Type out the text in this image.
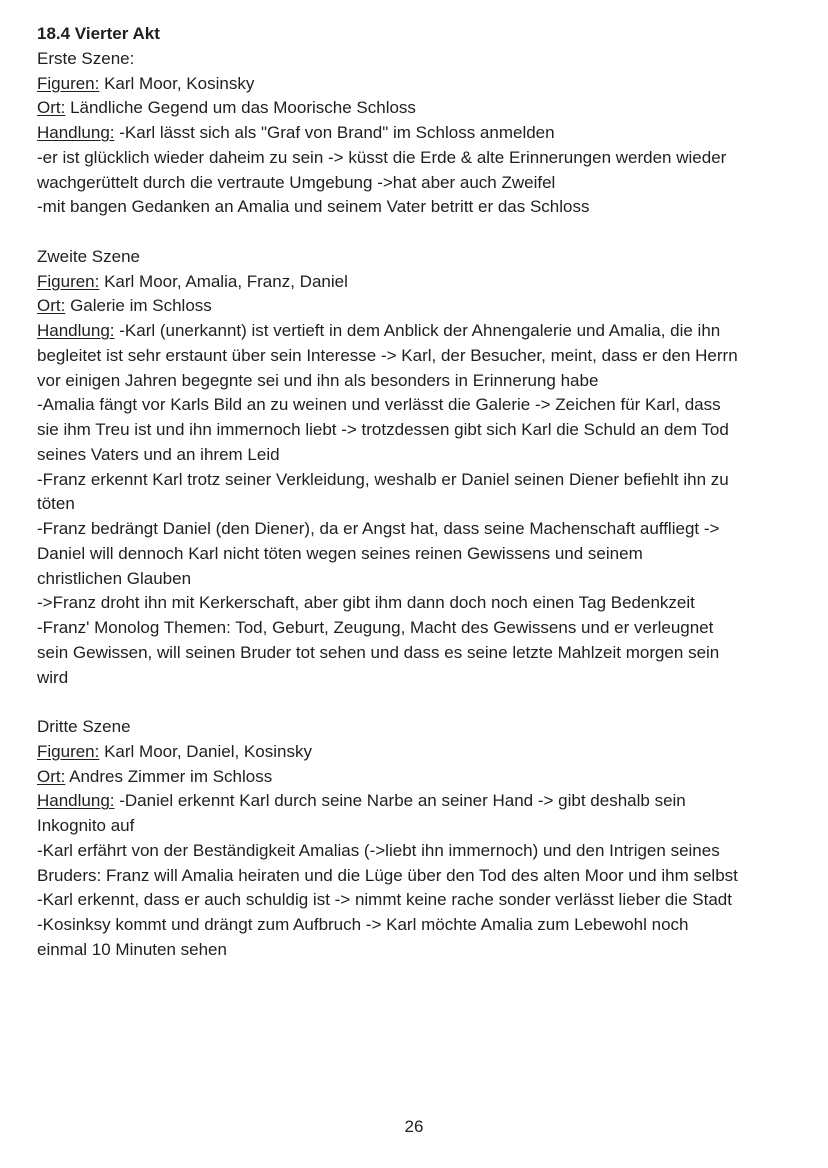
18.4 Vierter Akt
Erste Szene:
Figuren: Karl Moor, Kosinsky
Ort: Ländliche Gegend um das Moorische Schloss
Handlung: -Karl lässt sich als "Graf von Brand" im Schloss anmelden
-er ist glücklich wieder daheim zu sein -> küsst die Erde & alte Erinnerungen werden wieder
wachgerüttelt durch die vertraute Umgebung ->hat aber auch Zweifel
-mit bangen Gedanken an Amalia und seinem Vater betritt er das Schloss
Zweite Szene
Figuren: Karl Moor, Amalia, Franz, Daniel
Ort: Galerie im Schloss
Handlung: -Karl (unerkannt) ist vertieft in dem Anblick der Ahnengalerie und Amalia, die ihn
begleitet ist sehr erstaunt über sein Interesse -> Karl, der Besucher, meint, dass er den Herrn
vor einigen Jahren begegnte sei und ihn als besonders in Erinnerung habe
-Amalia fängt vor Karls Bild an zu weinen und verlässt die Galerie -> Zeichen für Karl, dass
sie ihm Treu ist und ihn immernoch liebt -> trotzdessen gibt sich Karl die Schuld an dem Tod
seines Vaters und an ihrem Leid
-Franz erkennt Karl trotz seiner Verkleidung, weshalb er Daniel seinen Diener befiehlt ihn zu
töten
-Franz bedrängt Daniel (den Diener), da er Angst hat, dass seine Machenschaft auffliegt ->
Daniel will dennoch Karl nicht töten wegen seines reinen Gewissens und seinem
christlichen Glauben
->Franz droht ihn mit Kerkerschaft, aber gibt ihm dann doch noch einen Tag Bedenkzeit
-Franz' Monolog Themen: Tod, Geburt, Zeugung, Macht des Gewissens und er verleugnet
sein Gewissen, will seinen Bruder tot sehen und dass es seine letzte Mahlzeit morgen sein
wird
Dritte Szene
Figuren: Karl Moor, Daniel, Kosinsky
Ort: Andres Zimmer im Schloss
Handlung: -Daniel erkennt Karl durch seine Narbe an seiner Hand -> gibt deshalb sein
Inkognito auf
-Karl erfährt von der Beständigkeit Amalias (->liebt ihn immernoch) und den Intrigen seines
Bruders: Franz will Amalia heiraten und die Lüge über den Tod des alten Moor und ihm selbst
-Karl erkennt, dass er auch schuldig ist -> nimmt keine rache sonder verlässt lieber die Stadt
-Kosinksy kommt und drängt zum Aufbruch -> Karl möchte Amalia zum Lebewohl noch
einmal 10 Minuten sehen
26
